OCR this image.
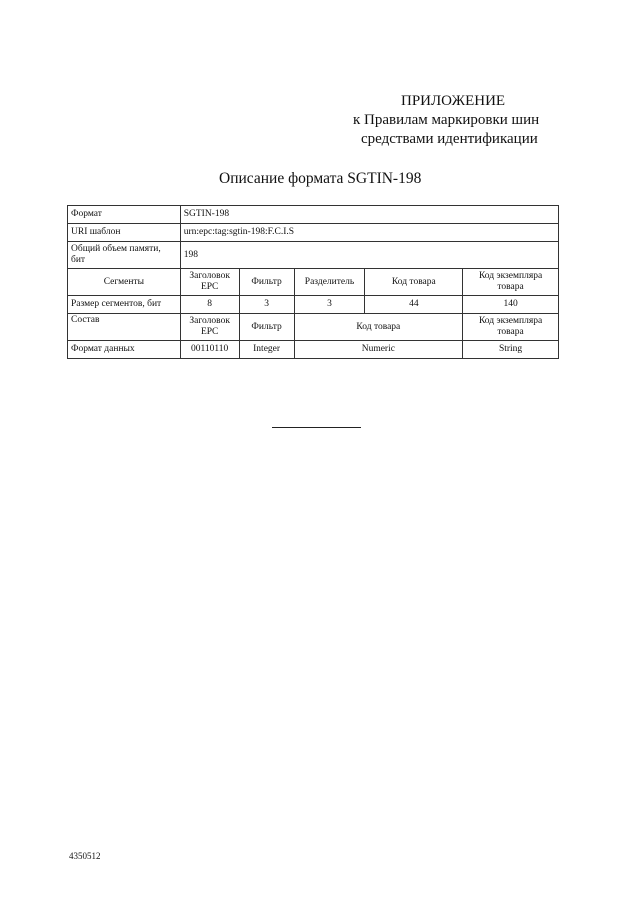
ПРИЛОЖЕНИЕ
к Правилам маркировки шин
средствами идентификации
Описание формата SGTIN-198
Формат	SGTIN-198				
URI шаблон	urn:epc:tag:sgtin-198:F.C.I.S				
Общий объем памяти, бит	198				
Сегменты	Заголовок EPC	Фильтр	Разделитель	Код товара	Код экземпляра товара
Размер сегментов, бит	8	3	3	44	140
Состав	Заголовок EPC	Фильтр	Код товара		Код экземпляра товара
Формат данных	00110110	Integer	Numeric		String
4350512
